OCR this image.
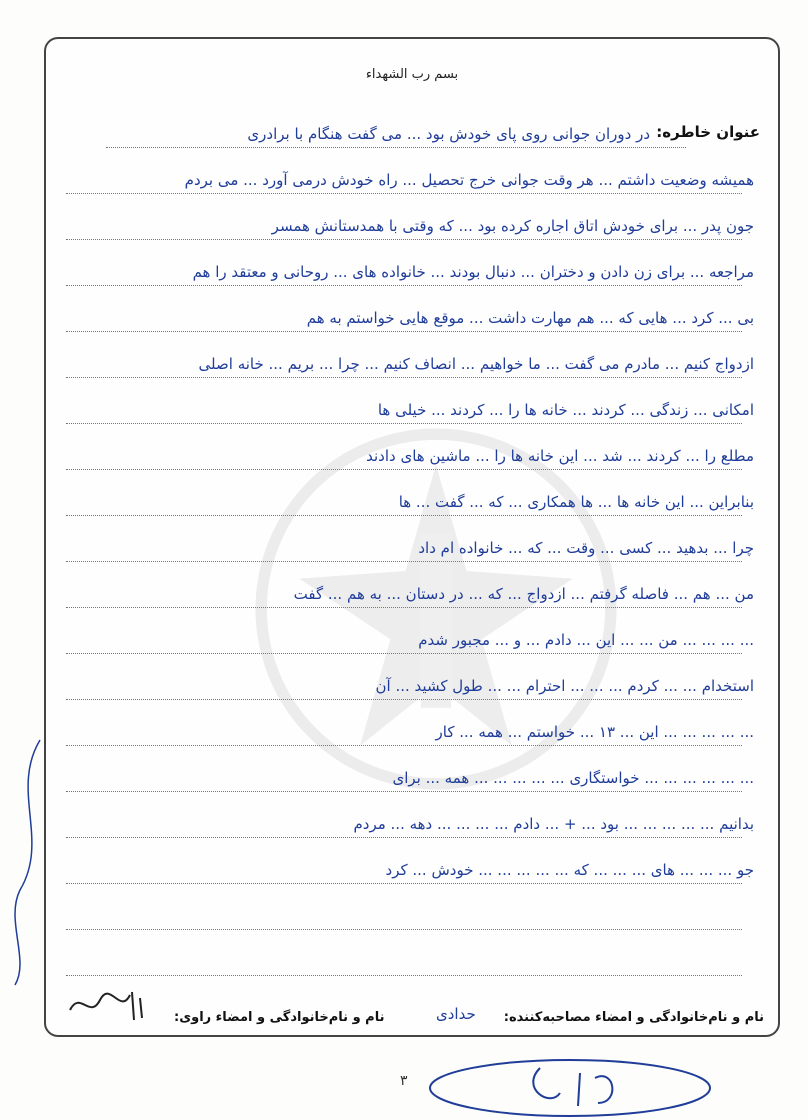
بسم رب الشهداء
عنوان خاطره:
در دوران جوانی روی پای خودش بود ... می گفت هنگام با برادری
همیشه وضعیت داشتم ... هر وقت جوانی خرج تحصیل ... راه خودش درمی آورد ... می بردم
جون پدر ... برای خودش اتاق اجاره کرده بود ... که وقتی با همدستانش همسر
مراجعه ... برای زن دادن و دختران ... دنبال بودند ... خانواده های ... روحانی و معتقد را هم
بی ... کرد ... هایی که ... هم مهارت داشت ... موقع هایی خواستم به هم
ازدواج کنیم ... مادرم می گفت ... ما خواهیم ... انصاف کنیم ... چرا ... بریم ... خانه اصلی
امکانی ... زندگی ... کردند ... خانه ها را ... کردند ... خیلی ها
مطلع را ... کردند ... شد ... این خانه ها را ... ماشین های دادند
بنابراین ... این خانه ها ... ها همکاری ... که ... گفت ... ها
چرا ... بدهید ... کسی ... وقت ... که ... خانواده ام داد
من ... هم ... فاصله گرفتم ... ازدواج ... که ... در دستان ... به هم ... گفت
... ... ... ... من ... ... این ... دادم ... و ... مجبور شدم
استخدام ... ... کردم ... ... ... احترام ... ... طول کشید ... آن
... ... ... ... ... این ... ۱۳ ... خواستم ... همه ... کار
... ... ... ... ... ... خواستگاری ... ... ... ... ... همه ... برای
بدانیم ... ... ... ... ... بود ... + ... دادم ... ... ... ... دهه ... مردم
جو ... ... ... های ... ... ... که ... ... ... ... ... خودش ... کرد
نام و نام‌خانوادگی و امضاء مصاحبه‌کننده:
حدادی
نام و نام‌خانوادگی و امضاء راوی:
۳
